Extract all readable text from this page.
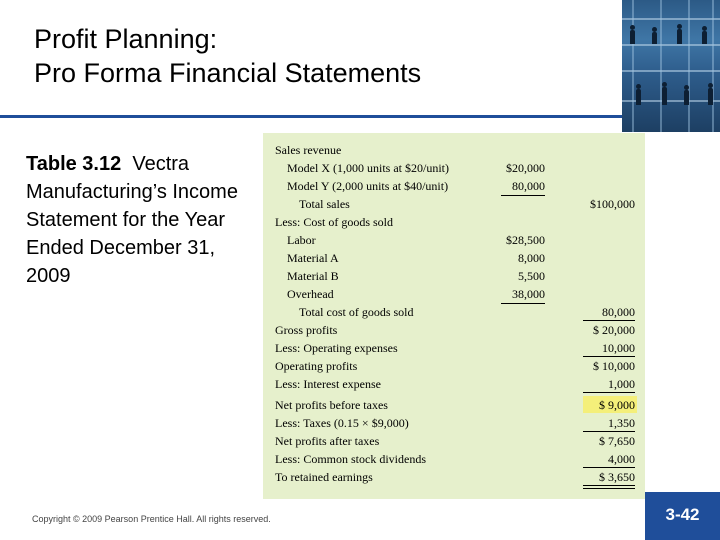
Profit Planning:
Pro Forma Financial Statements
Table 3.12 Vectra Manufacturing’s Income Statement for the Year Ended December 31, 2009
Sales revenue
Model X (1,000 units at $20/unit)	$20,000
Model Y (2,000 units at $40/unit)	80,000
Total sales	$100,000
Less: Cost of goods sold
Labor	$28,500
Material A	8,000
Material B	5,500
Overhead	38,000
Total cost of goods sold	80,000
Gross profits	$ 20,000
Less: Operating expenses	10,000
Operating profits	$ 10,000
Less: Interest expense	1,000
Net profits before taxes	$ 9,000
Less: Taxes (0.15 × $9,000)	1,350
Net profits after taxes	$ 7,650
Less: Common stock dividends	4,000
To retained earnings	$ 3,650
Copyright © 2009 Pearson Prentice Hall. All rights reserved.	3-42
